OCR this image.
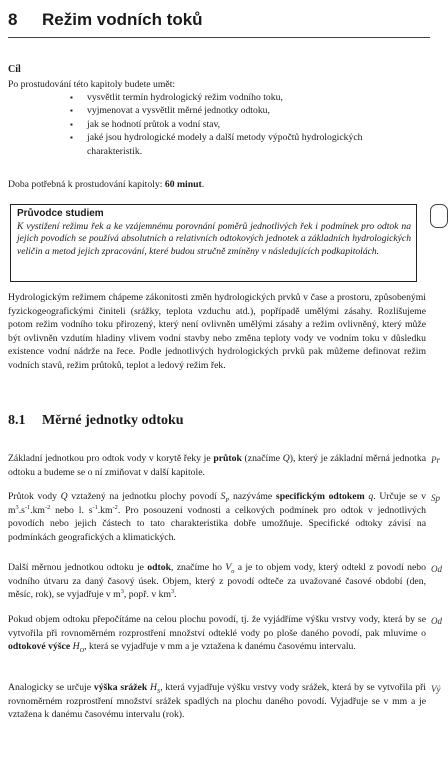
8 Režim vodních toků
Cíl

Po prostudování této kapitoly budete umět:

▪ vysvětlit termín hydrologický režim vodního toku,
▪ vyjmenovat a vysvětlit měrné jednotky odtoku,
▪ jak se hodnotí průtok a vodní stav,
▪ jaké jsou hydrologické modely a další metody výpočtů hydrologických charakteristik.

Doba potřebná k prostudování kapitoly: 60 minut.

Průvodce studiem

K vystižení režimu řek a ke vzájemnému porovnání poměrů jednotlivých řek i podmínek pro odtok na jejich povodích se používá absolutních a relativních odtokových jednotek a základních hydrologických veličin a metod jejich zpracování, které budou stručně zmíněny v následujících podkapitolách.

Hydrologickým režimem chápeme zákonitosti změn hydrologických prvků v čase a prostoru, způsobenými fyzickogeografickými činiteli (srážky, teplota vzduchu atd.), popřípadě umělými zásahy. Rozlišujeme potom režim vodního toku přirozený, který není ovlivněn umělými zásahy a režim ovlivněný, který může být ovlivněn vzdutím hladiny vlivem vodní stavby nebo změna teploty vody ve vodním toku v důsledku existence vodní nádrže na řece. Podle jednotlivých hydrologických prvků pak můžeme definovat režim vodních stavů, režim průtoků, teplot a ledový režim řek.

8.1 Měrné jednotky odtoku

Základní jednotkou pro odtok vody v korytě řeky je průtok (značíme Q), který je základní měrná jednotka odtoku a budeme se o ní zmiňovat v další kapitole.

Průtok vody Q vztažený na jednotku plochy povodí $S_P$ nazýváme specifickým odtokem q. Určuje se v $m^3.s^{-1}.km^{-2}$ nebo l. $s^{-1}.km^{-2}$. Pro posouzení vodnosti a celkových podmínek pro odtok v jednotlivých povodích nebo jejich částech to tato charakteristika dobře umožňuje. Specifické odtoky závisí na podmínkách geografických a klimatických.

Další měrnou jednotkou odtoku je odtok, značíme ho $V_o$ a je to objem vody, který odtekl z povodí nebo vodního útvaru za daný časový úsek. Objem, který z povodí odteče za uvažované časové období (den, měsíc, rok), se vyjadřuje v $m^3$, popř. v $km^3$.

Pokud objem odtoku přepočítáme na celou plochu povodí, tj. že vyjádříme výšku vrstvy vody, která by se vytvořila při rovnoměrném rozprostření množství odteklé vody po ploše daného povodí, pak mluvíme o odtokové výšce $H_O$, která se vyjadřuje v mm a je vztažena k danému časovému intervalu.

Analogicky se určuje výška srážek $H_S$, která vyjadřuje výšku vrstvy vody srážek, která by se vytvořila při rovnoměrném rozprostření množství srážek spadlých na plochu daného povodí. Vyjadřuje se v mm a je vztažena k danému časovému intervalu (rok).

Pr
Sp
Od
Od
Vý
